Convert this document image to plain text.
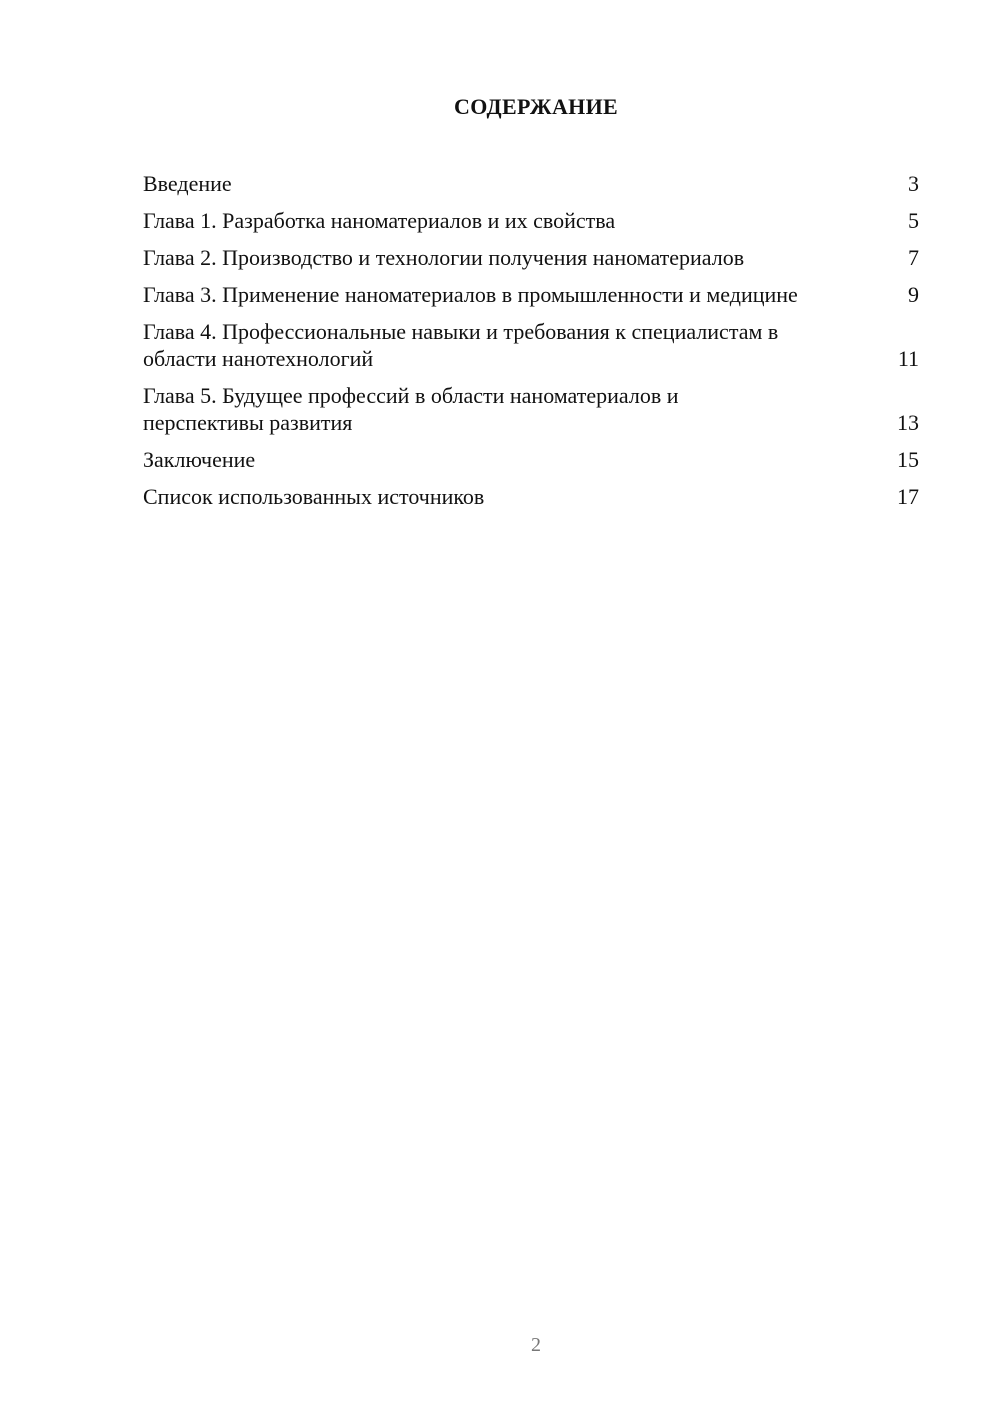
СОДЕРЖАНИЕ
Введение	3
Глава 1. Разработка наноматериалов и их свойства	5
Глава 2. Производство и технологии получения наноматериалов	7
Глава 3. Применение наноматериалов в промышленности и медицине	9
Глава 4. Профессиональные навыки и требования к специалистам в области нанотехнологий	11
Глава 5. Будущее профессий в области наноматериалов и перспективы развития	13
Заключение	15
Список использованных источников	17
2
